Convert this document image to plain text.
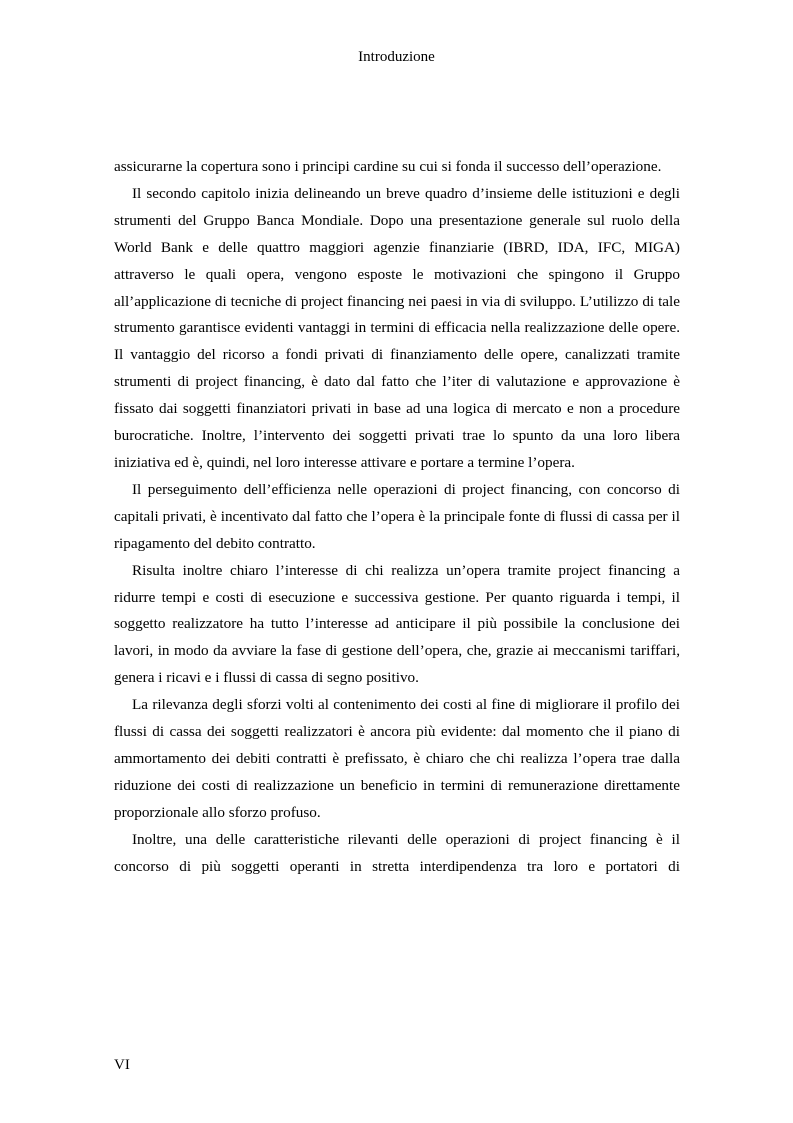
Introduzione

assicurarne la copertura sono i principi cardine su cui si fonda il successo dell’operazione.

Il secondo capitolo inizia delineando un breve quadro d’insieme delle istituzioni e degli strumenti del Gruppo Banca Mondiale. Dopo una presentazione generale sul ruolo della World Bank e delle quattro maggiori agenzie finanziarie (IBRD, IDA, IFC, MIGA) attraverso le quali opera, vengono esposte le motivazioni che spingono il Gruppo all’applicazione di tecniche di project financing nei paesi in via di sviluppo. L’utilizzo di tale strumento garantisce evidenti vantaggi in termini di efficacia nella realizzazione delle opere. Il vantaggio del ricorso a fondi privati di finanziamento delle opere, canalizzati tramite strumenti di project financing, è dato dal fatto che l’iter di valutazione e approvazione è fissato dai soggetti finanziatori privati in base ad una logica di mercato e non a procedure burocratiche. Inoltre, l’intervento dei soggetti privati trae lo spunto da una loro libera iniziativa ed è, quindi, nel loro interesse attivare e portare a termine l’opera.

Il perseguimento dell’efficienza nelle operazioni di project financing, con concorso di capitali privati, è incentivato dal fatto che l’opera è la principale fonte di flussi di cassa per il ripagamento del debito contratto.

Risulta inoltre chiaro l’interesse di chi realizza un’opera tramite project financing a ridurre tempi e costi di esecuzione e successiva gestione. Per quanto riguarda i tempi, il soggetto realizzatore ha tutto l’interesse ad anticipare il più possibile la conclusione dei lavori, in modo da avviare la fase di gestione dell’opera, che, grazie ai meccanismi tariffari, genera i ricavi e i flussi di cassa di segno positivo.

La rilevanza degli sforzi volti al contenimento dei costi al fine di migliorare il profilo dei flussi di cassa dei soggetti realizzatori è ancora più evidente: dal momento che il piano di ammortamento dei debiti contratti è prefissato, è chiaro che chi realizza l’opera trae dalla riduzione dei costi di realizzazione un beneficio in termini di remunerazione direttamente proporzionale allo sforzo profuso.

Inoltre, una delle caratteristiche rilevanti delle operazioni di project financing è il concorso di più soggetti operanti in stretta interdipendenza tra loro e portatori di

VI
